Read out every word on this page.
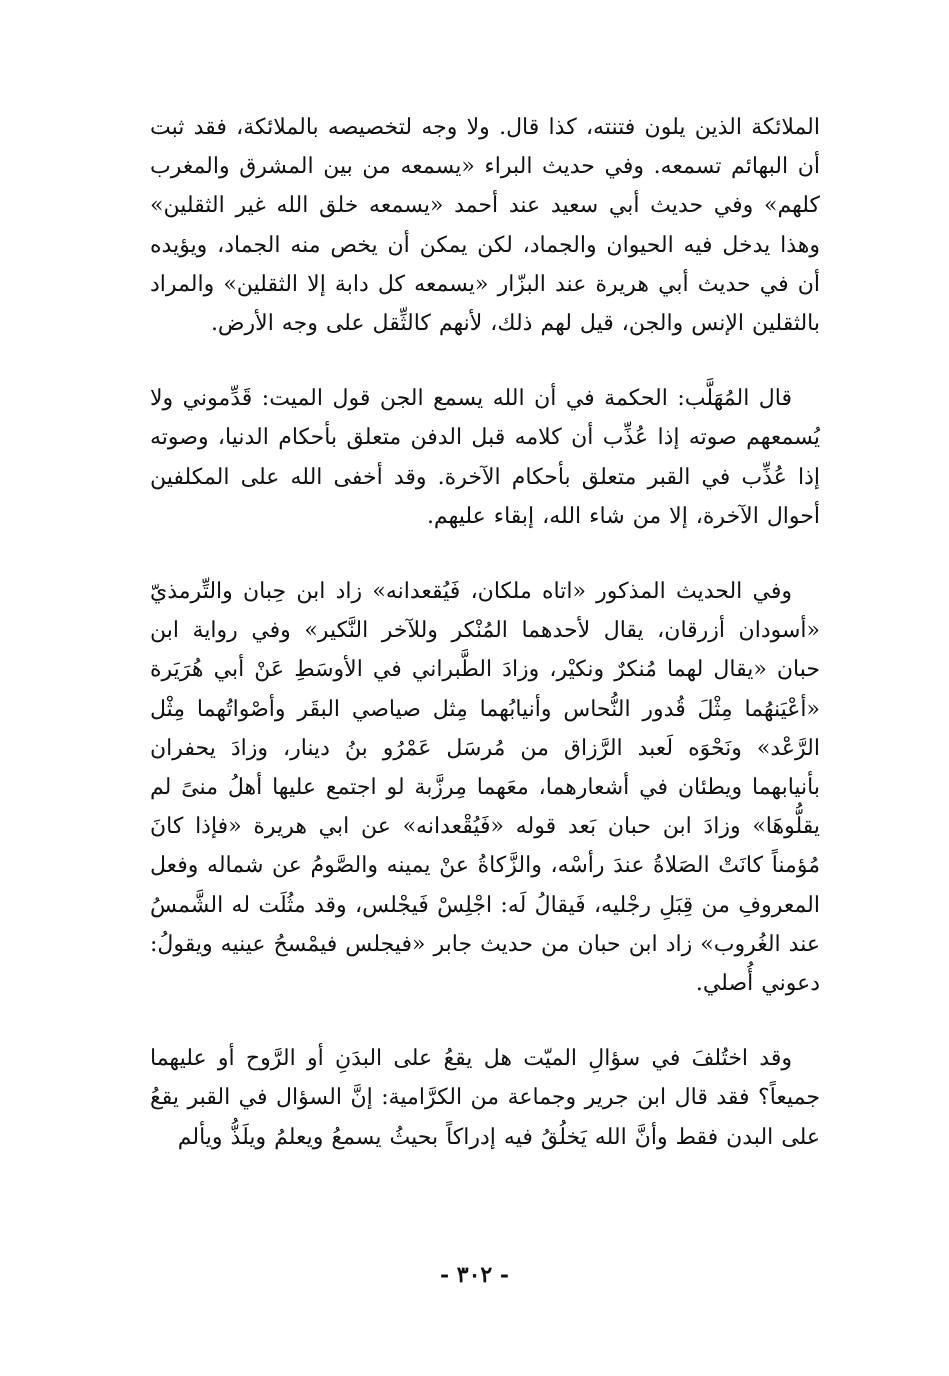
الملائكة الذين يلون فتنته، كذا قال. ولا وجه لتخصيصه بالملائكة، فقد ثبت أن البهائم تسمعه. وفي حديث البراء «يسمعه من بين المشرق والمغرب كلهم» وفي حديث أبي سعيد عند أحمد «يسمعه خلق الله غير الثقلين» وهذا يدخل فيه الحيوان والجماد، لكن يمكن أن يخص منه الجماد، ويؤيده أن في حديث أبي هريرة عند البزّار «يسمعه كل دابة إلا الثقلين» والمراد بالثقلين الإنس والجن، قيل لهم ذلك، لأنهم كالثِّقل على وجه الأرض.

قال المُهَلَّب: الحكمة في أن الله يسمع الجن قول الميت: قَدِّموني ولا يُسمعهم صوته إذا عُذِّب أن كلامه قبل الدفن متعلق بأحكام الدنيا، وصوته إذا عُذِّب في القبر متعلق بأحكام الآخرة. وقد أخفى الله على المكلفين أحوال الآخرة، إلا من شاء الله، إبقاء عليهم.

وفي الحديث المذكور «اتاه ملكان، فَيُقعدانه» زاد ابن حِبان والتِّرمذيّ «أسودان أزرقان، يقال لأحدهما المُنْكر وللآخر النَّكير» وفي رواية ابن حبان «يقال لهما مُنكرٌ ونكيْر، وزادَ الطَّبراني في الأوسَطِ عَنْ أبي هُرَيَرة «أعْيَنهُما مِثْلَ قُدور النُّحاس وأنيابُهما مِثل صياصي البقَر وأصْواتُهما مِثْل الرَّعْد» ونَحْوَه لَعبد الرَّزاق من مُرسَل عَمْرُو بنُ دينار، وزادَ يحفران بأنيابهما ويطئان في أشعارهما، معَهما مِرزَّبة لو اجتمع عليها أهلُ منىً لم يقلُّوهَا» وزادَ ابن حبان بَعد قوله «فَيُقْعدانه» عن ابي هريرة «فإذا كانَ مُؤمناً كانَتْ الصَلاةُ عندَ رأسْه، والزَّكاةُ عنْ يمينه والصَّومُ عن شماله وفعل المعروفِ من قِبَلِ رجْليه، فَيقالُ لَه: اجْلِسْ فَيجْلس، وقد مثُلَت له الشَّمسُ عند الغُروب» زاد ابن حبان من حديث جابر «فيجلس فيمْسحُ عينيه ويقولُ: دعوني أُصلي.

وقد اختُلفَ في سؤالِ الميّت هل يقعُ على البدَنِ أو الرَّوح أو عليهما جميعاً؟ فقد قال ابن جرير وجماعة من الكرَّامية: إنَّ السؤال في القبر يقعُ على البدن فقط وأنَّ الله يَخلُقُ فيه إدراكاً بحيثُ يسمعُ ويعلمُ ويلَذُّ ويألم

- ٣٠٢ -
